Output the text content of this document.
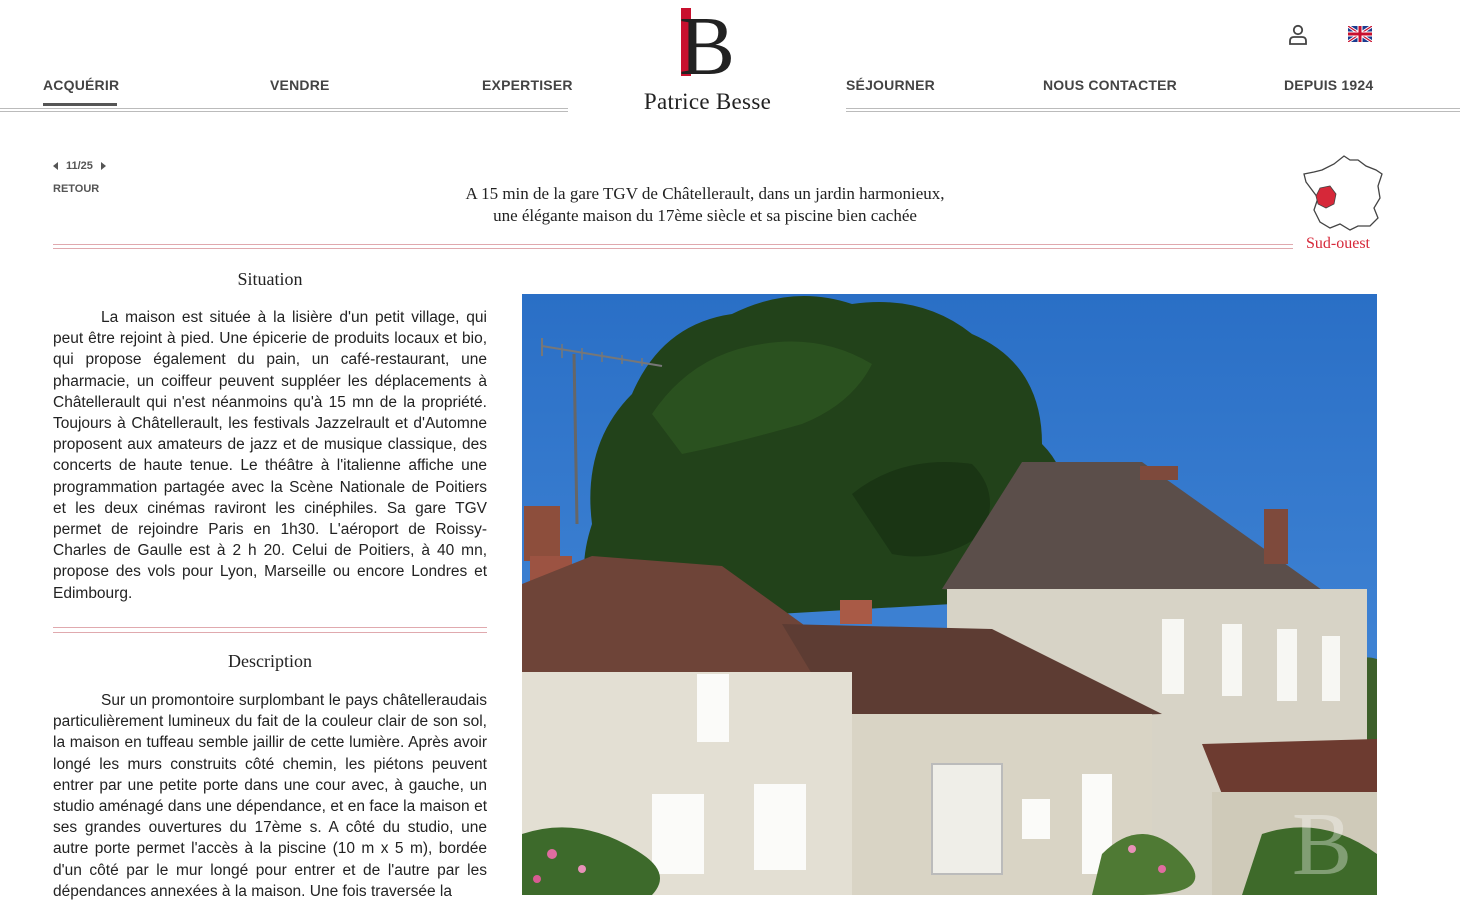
B
Patrice Besse
ACQUÉRIR	VENDRE	EXPERTISER	SÉJOURNER	NOUS CONTACTER	DEPUIS 1924
11/25
RETOUR	A 15 min de la gare TGV de Châtellerault, dans un jardin harmonieux,
une élégante maison du 17ème siècle et sa piscine bien cachée
Sud-ouest
Situation
La maison est située à la lisière d'un petit village, qui peut être rejoint à pied. Une épicerie de produits locaux et bio, qui propose également du pain, un café-restaurant, une pharmacie, un coiffeur peuvent suppléer les déplacements à Châtellerault qui n'est néanmoins qu'à 15 mn de la propriété. Toujours à Châtellerault, les festivals Jazzelrault et d'Automne proposent aux amateurs de jazz et de musique classique, des concerts de haute tenue. Le théâtre à l'italienne affiche une programmation partagée avec la Scène Nationale de Poitiers et les deux cinémas raviront les cinéphiles. Sa gare TGV permet de rejoindre Paris en 1h30. L'aéroport de Roissy-Charles de Gaulle est à 2 h 20. Celui de Poitiers, à 40 mn, propose des vols pour Lyon, Marseille ou encore Londres et Edimbourg.
Description
Sur un promontoire surplombant le pays châtelleraudais particulièrement lumineux du fait de la couleur clair de son sol, la maison en tuffeau semble jaillir de cette lumière. Après avoir longé les murs construits côté chemin, les piétons peuvent entrer par une petite porte dans une cour avec, à gauche, un studio aménagé dans une dépendance, et en face la maison et ses grandes ouvertures du 17ème s. A côté du studio, une autre porte permet l'accès à la piscine (10 m x 5 m), bordée d'un côté par le mur longé pour entrer et de l'autre par les dépendances annexées à la maison. Une fois traversée la	B
